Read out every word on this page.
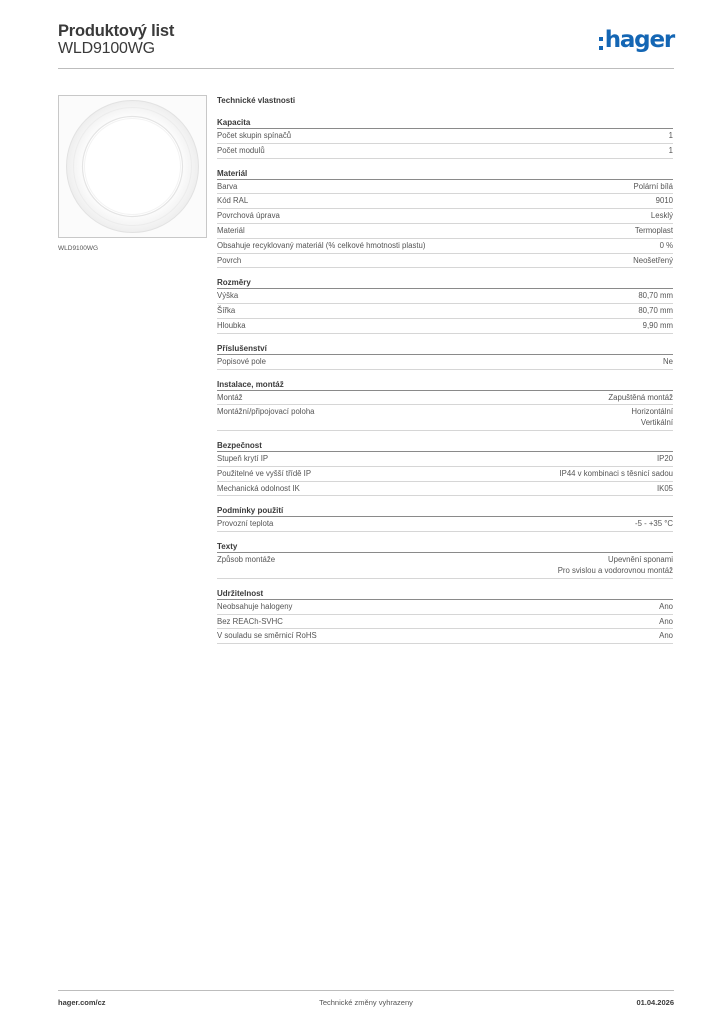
Produktový list
WLD9100WG	hager
WLD9100WG
Technické vlastnosti
Kapacita
Počet skupin spínačů	1
Počet modulů	1
Materiál
Barva	Polární bílá
Kód RAL	9010
Povrchová úprava	Lesklý
Materiál	Termoplast
Obsahuje recyklovaný materiál (% celkové hmotnosti plastu)	0 %
Povrch	Neošetřený
Rozměry
Výška	80,70 mm
Šířka	80,70 mm
Hloubka	9,90 mm
Příslušenství
Popisové pole	Ne
Instalace, montáž
Montáž	Zapuštěná montáž
Montážní/připojovací poloha	Horizontální
Vertikální
Bezpečnost
Stupeň krytí IP	IP20
Použitelné ve vyšší třídě IP	IP44 v kombinaci s těsnicí sadou
Mechanická odolnost IK	IK05
Podmínky použití
Provozní teplota	-5 - +35 °C
Texty
Způsob montáže	Upevnění sponami
Pro svislou a vodorovnou montáž
Udržitelnost
Neobsahuje halogeny	Ano
Bez REACh-SVHC	Ano
V souladu se směrnicí RoHS	Ano
hager.com/cz	Technické změny vyhrazeny	01.04.2026
